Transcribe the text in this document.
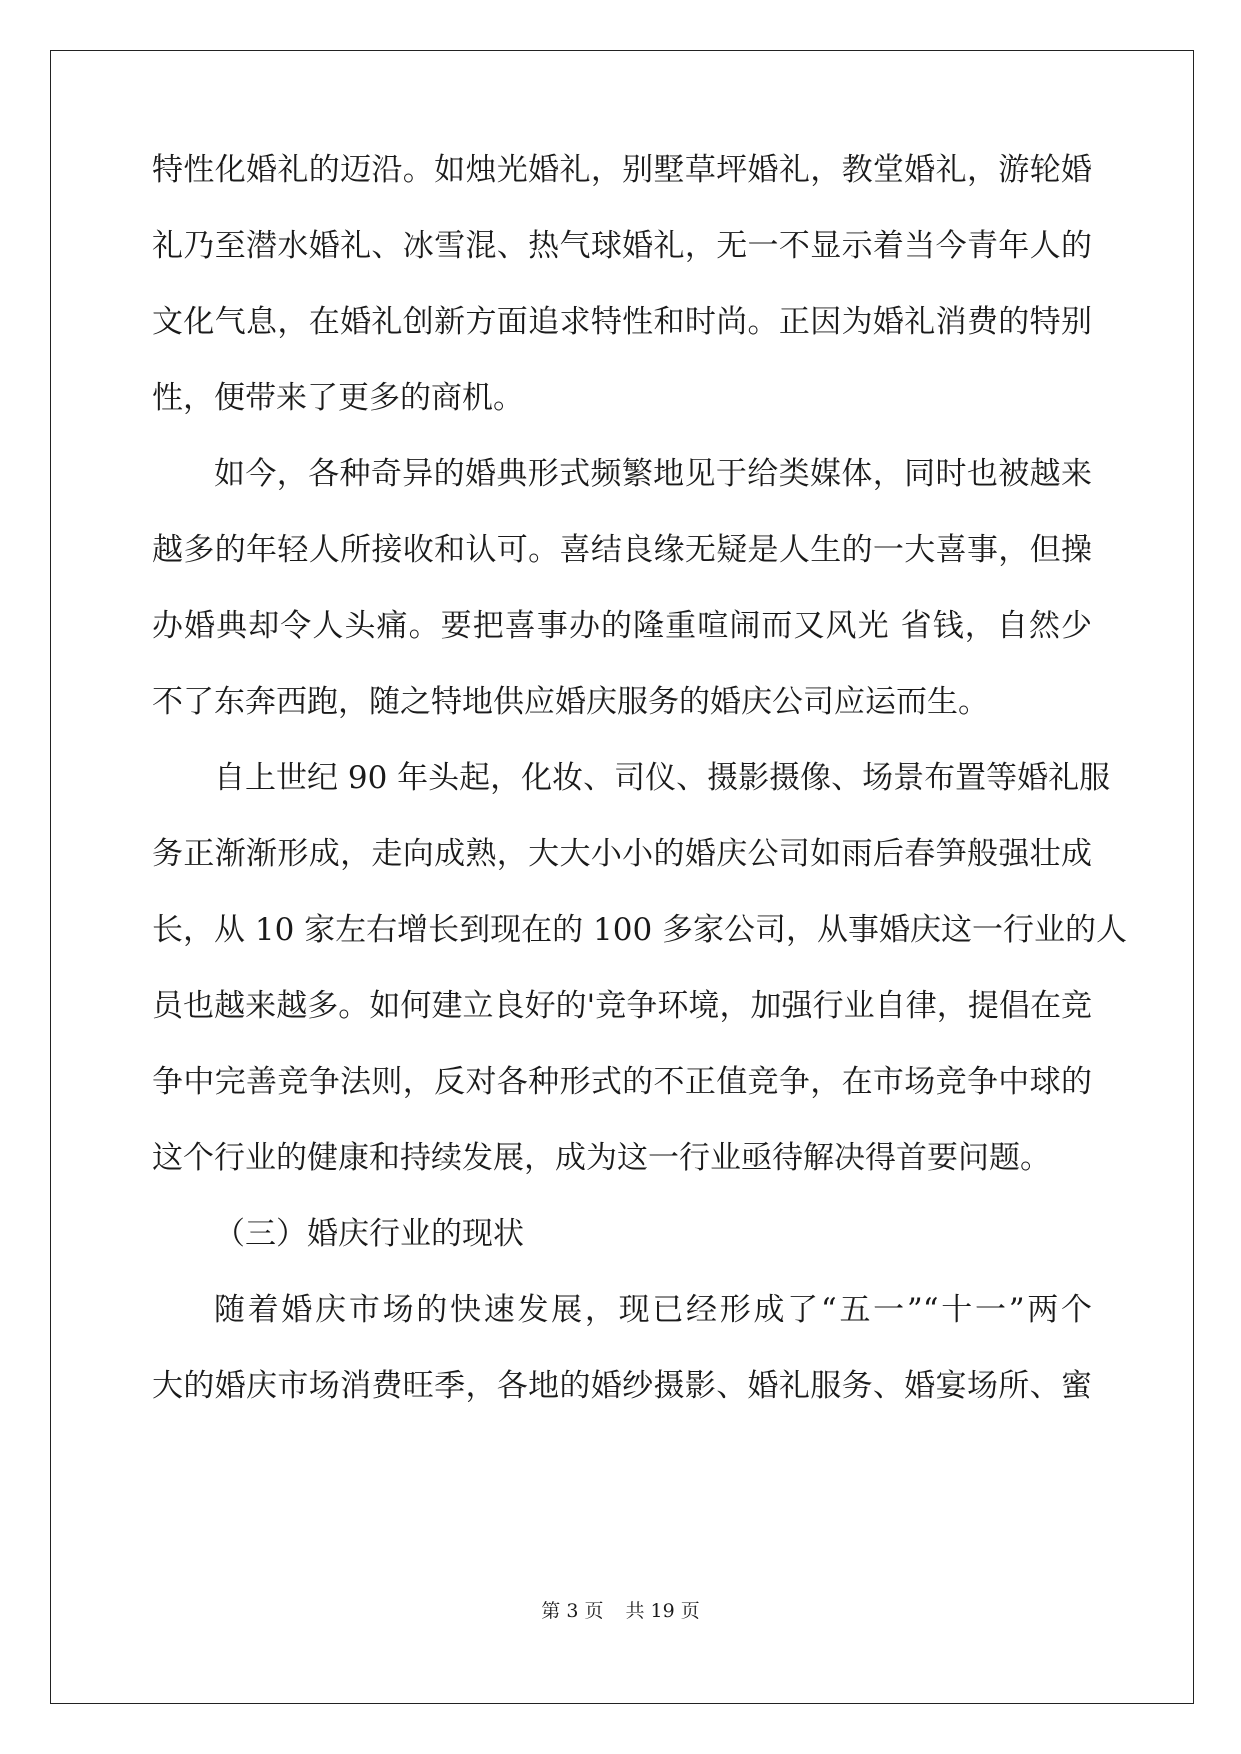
特性化婚礼的迈沿。如烛光婚礼，别墅草坪婚礼，教堂婚礼，游轮婚

礼乃至潜水婚礼、冰雪混、热气球婚礼，无一不显示着当今青年人的

文化气息，在婚礼创新方面追求特性和时尚。正因为婚礼消费的特别

性，便带来了更多的商机。

如今，各种奇异的婚典形式频繁地见于给类媒体，同时也被越来

越多的年轻人所接收和认可。喜结良缘无疑是人生的一大喜事，但操

办婚典却令人头痛。要把喜事办的隆重喧闹而又风光 省钱，自然少

不了东奔西跑，随之特地供应婚庆服务的婚庆公司应运而生。

自上世纪 90 年头起，化妆、司仪、摄影摄像、场景布置等婚礼服

务正渐渐形成，走向成熟，大大小小的婚庆公司如雨后春笋般强壮成

长，从 10 家左右增长到现在的 100 多家公司，从事婚庆这一行业的人

员也越来越多。如何建立良好的'竞争环境，加强行业自律，提倡在竞

争中完善竞争法则，反对各种形式的不正值竞争，在市场竞争中球的

这个行业的健康和持续发展，成为这一行业亟待解决得首要问题。

（三）婚庆行业的现状

随着婚庆市场的快速发展，现已经形成了“五一”“十一”两个

大的婚庆市场消费旺季，各地的婚纱摄影、婚礼服务、婚宴场所、蜜

第 3 页 共 19 页
